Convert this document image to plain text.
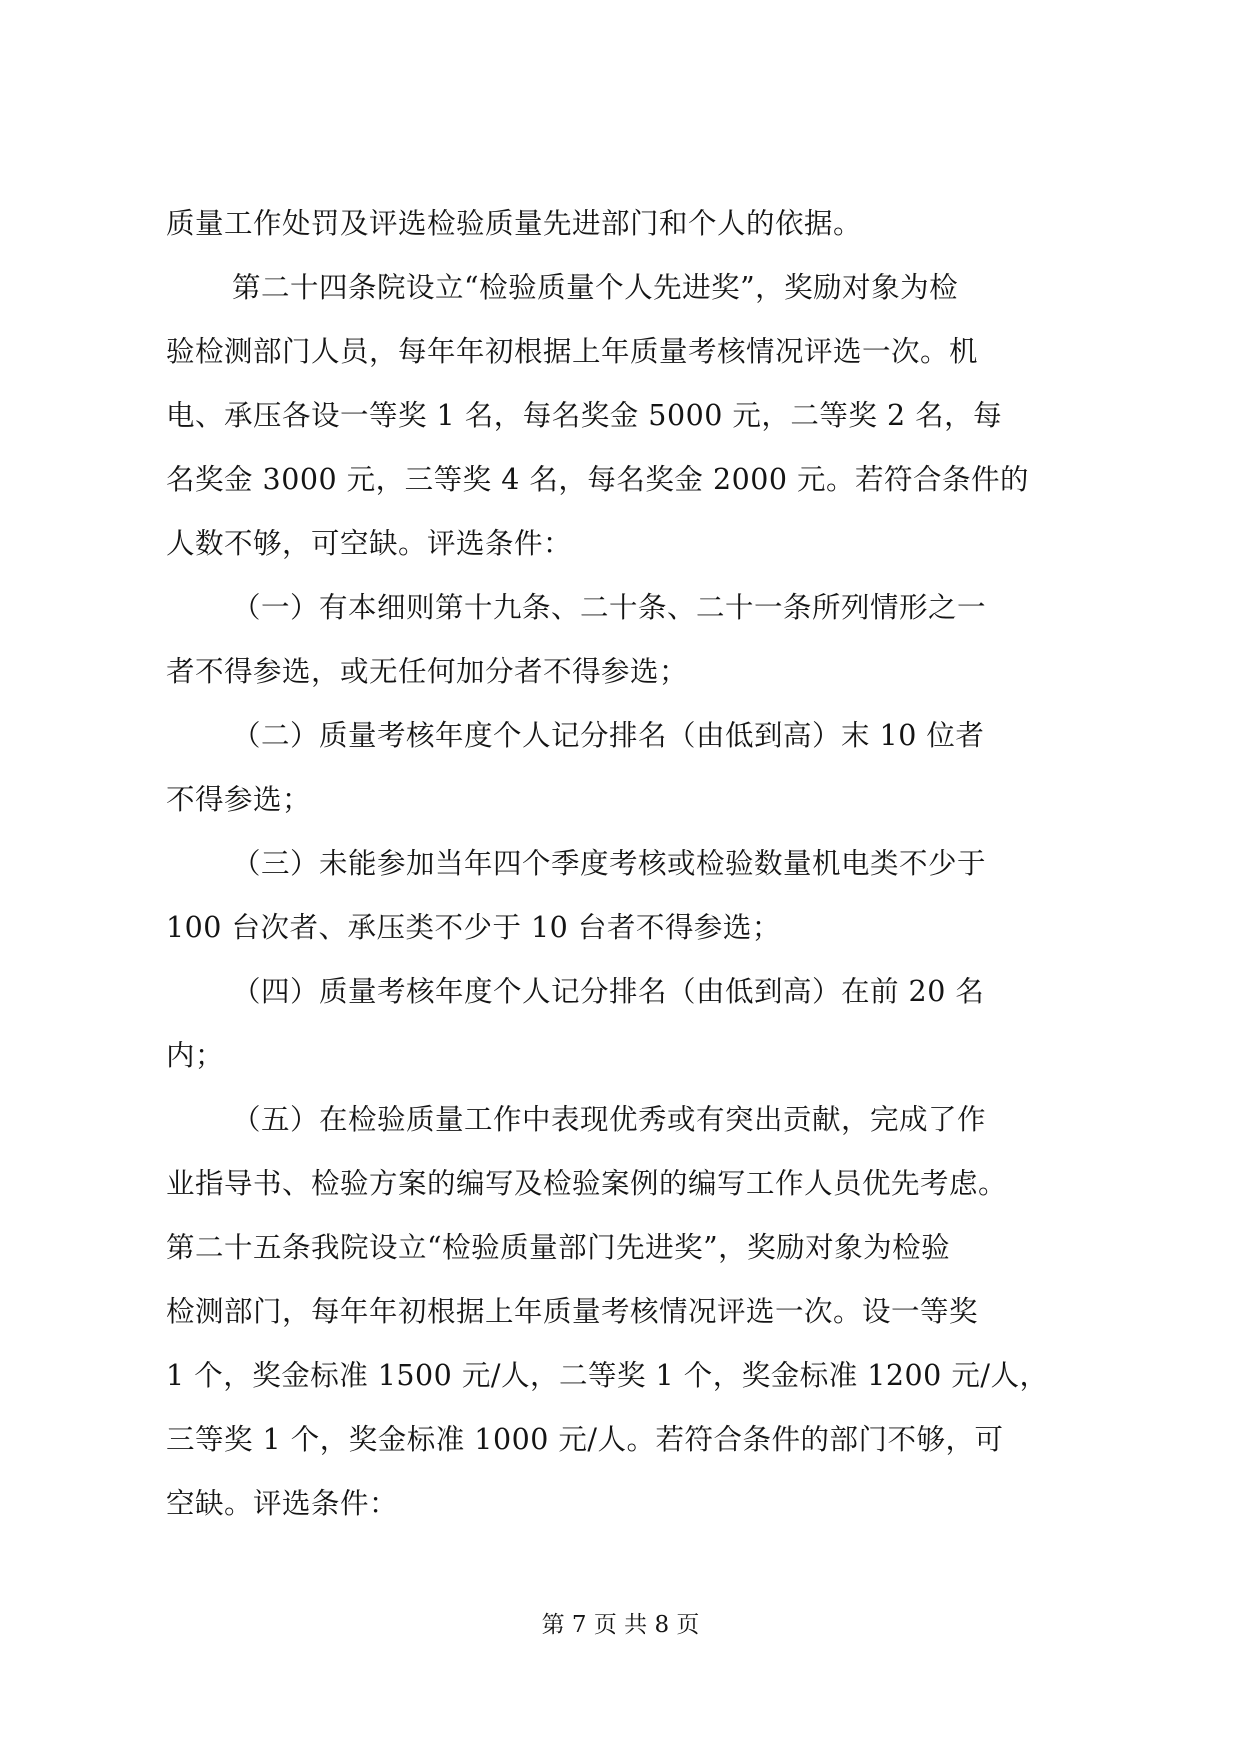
质量工作处罚及评选检验质量先进部门和个人的依据。
第二十四条院设立“检验质量个人先进奖”，奖励对象为检
验检测部门人员，每年年初根据上年质量考核情况评选一次。机
电、承压各设一等奖 1 名，每名奖金 5000 元，二等奖 2 名，每
名奖金 3000 元，三等奖 4 名，每名奖金 2000 元。若符合条件的
人数不够，可空缺。评选条件：
（一）有本细则第十九条、二十条、二十一条所列情形之一
者不得参选，或无任何加分者不得参选；
（二）质量考核年度个人记分排名（由低到高）末 10 位者
不得参选；
（三）未能参加当年四个季度考核或检验数量机电类不少于
100 台次者、承压类不少于 10 台者不得参选；
（四）质量考核年度个人记分排名（由低到高）在前 20 名
内；
（五）在检验质量工作中表现优秀或有突出贡献，完成了作
业指导书、检验方案的编写及检验案例的编写工作人员优先考虑。
第二十五条我院设立“检验质量部门先进奖”，奖励对象为检验
检测部门，每年年初根据上年质量考核情况评选一次。设一等奖
1 个，奖金标准 1500 元/人，二等奖 1 个，奖金标准 1200 元/人，
三等奖 1 个，奖金标准 1000 元/人。若符合条件的部门不够，可
空缺。评选条件：
第 7 页 共 8 页
